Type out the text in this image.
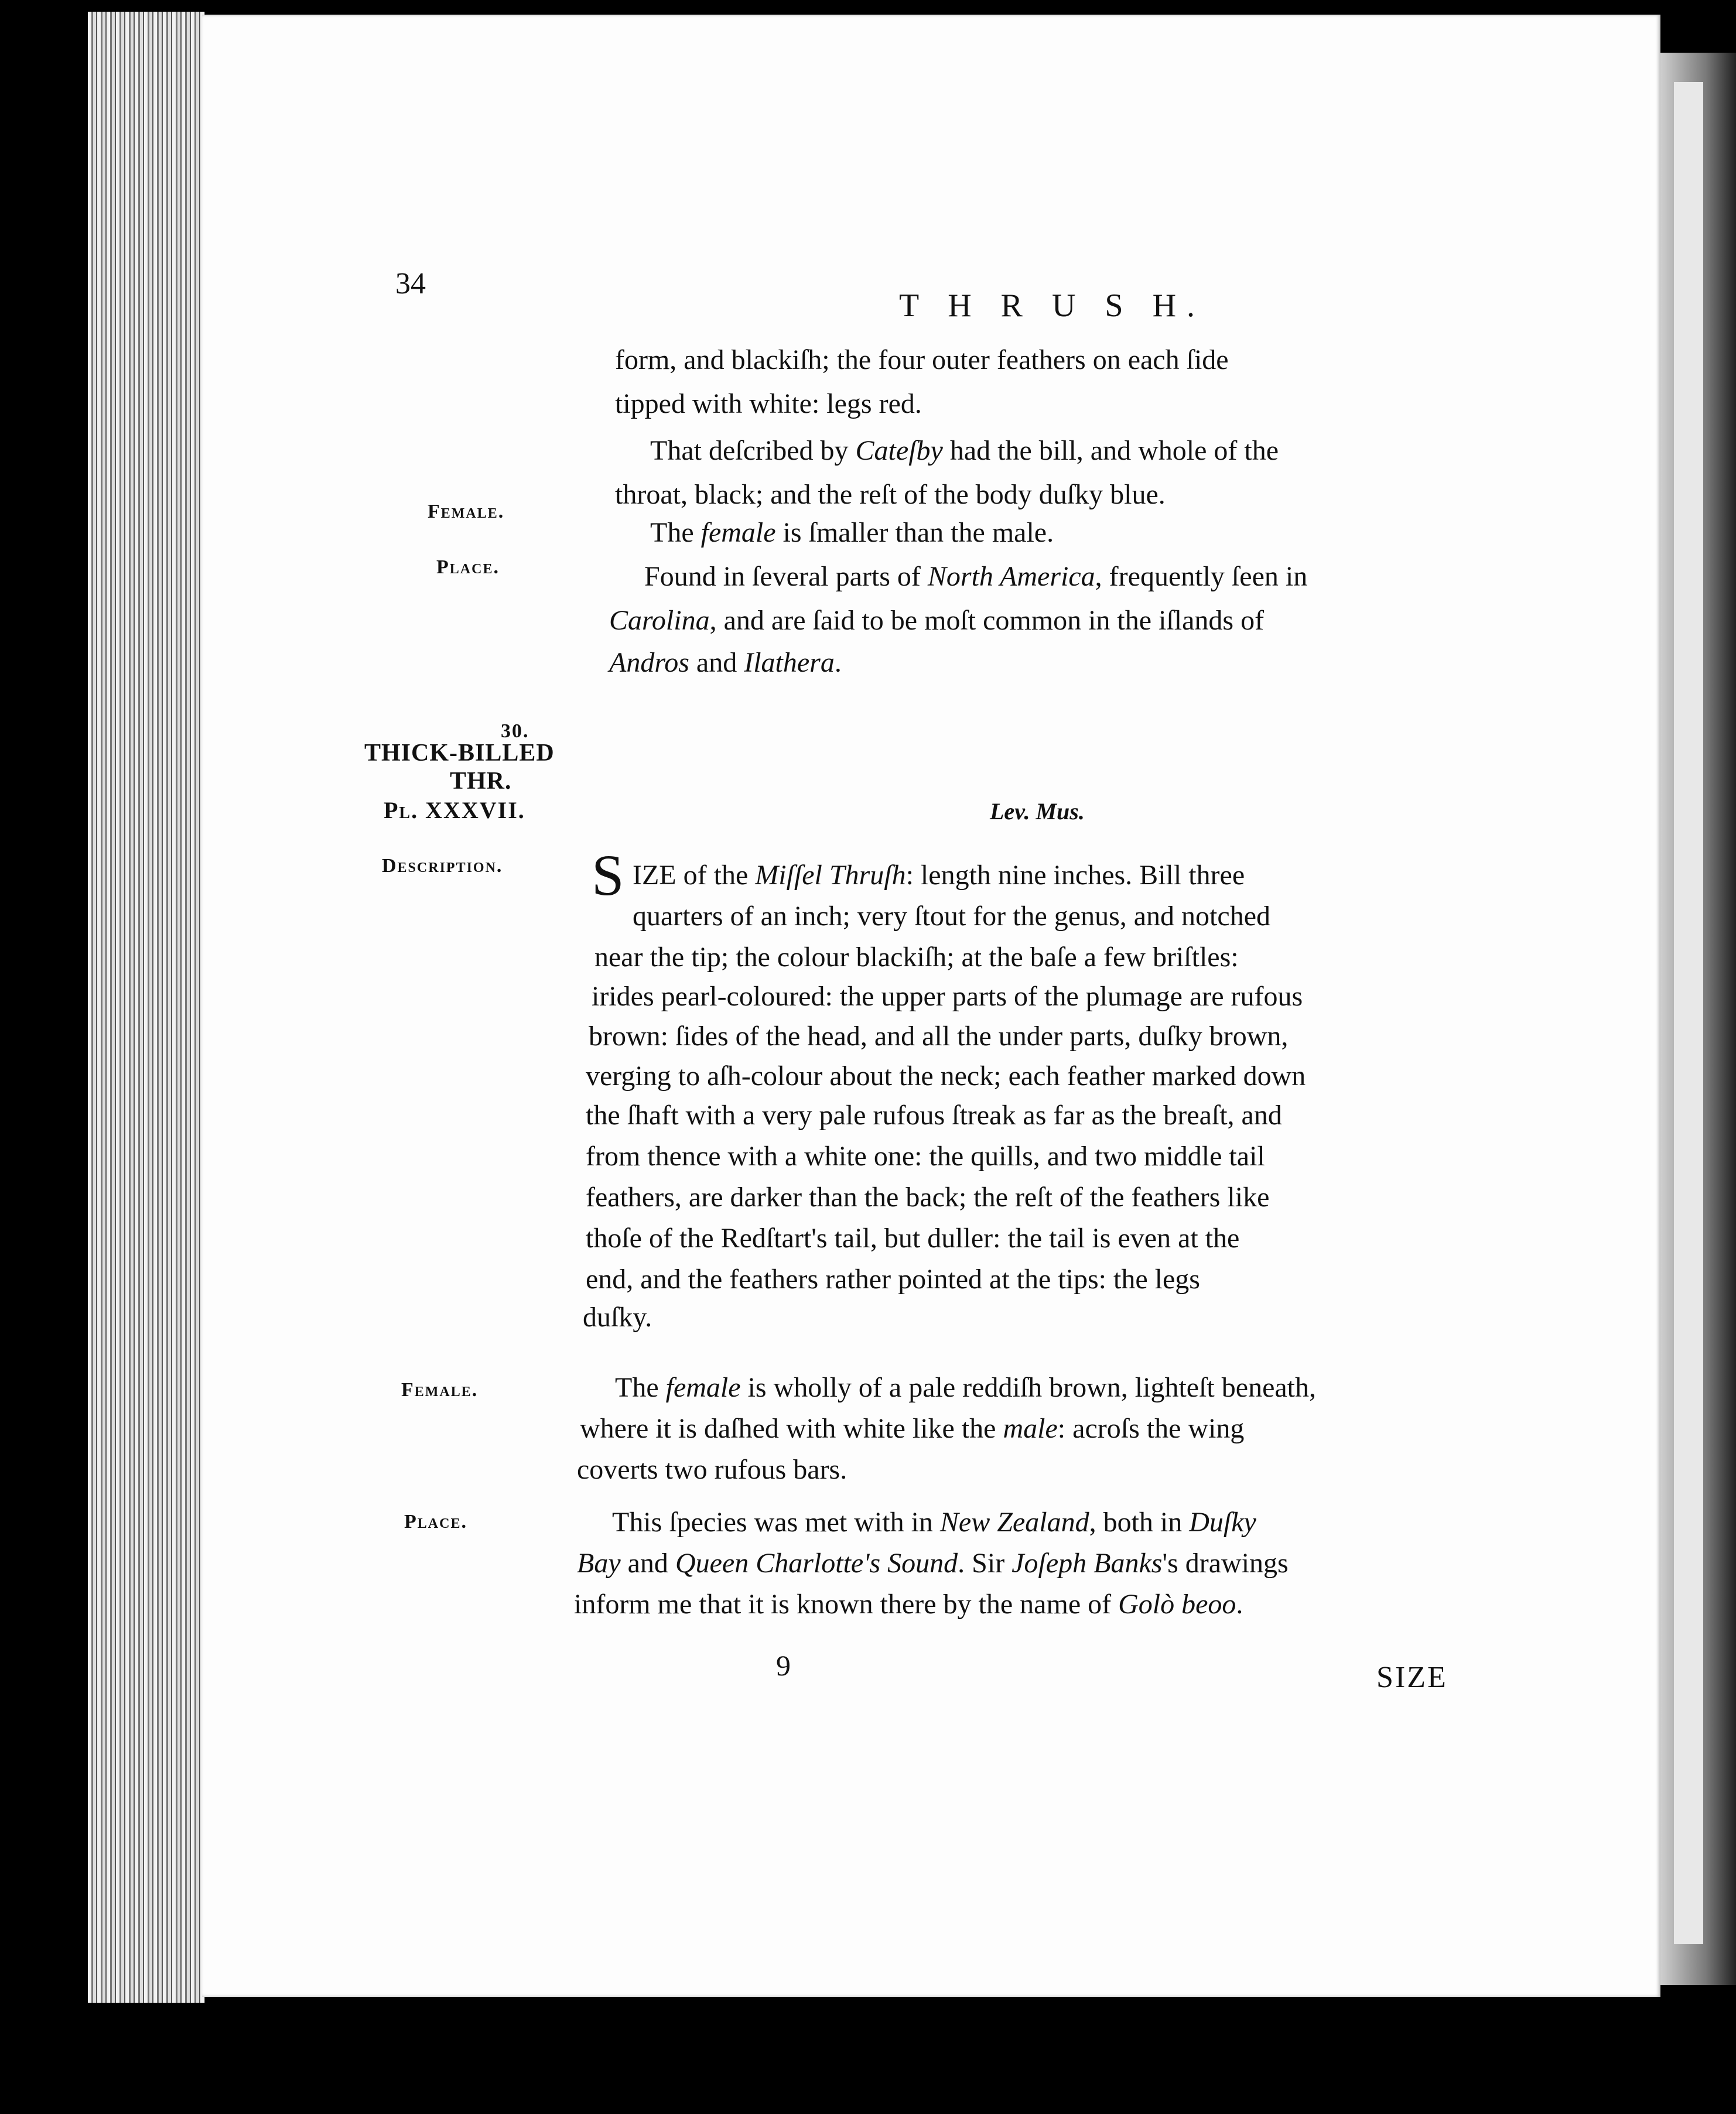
34
T H R U S H.
Female.
Place.
30.
THICK-BILLED
THR.
Pl. XXXVII.
Description.
Female.
Place.
Lev. Mus.
form, and blackiſh; the four outer feathers on each ſide
tipped with white: legs red.
That deſcribed by Cateſby had the bill, and whole of the
throat, black; and the reſt of the body duſky blue.
The female is ſmaller than the male.
Found in ſeveral parts of North America, frequently ſeen in
Carolina, and are ſaid to be moſt common in the iſlands of
Andros and Ilathera.
S IZE of the Miſſel Thruſh: length nine inches. Bill three
quarters of an inch; very ſtout for the genus, and notched
near the tip; the colour blackiſh; at the baſe a few briſtles:
irides pearl-coloured: the upper parts of the plumage are rufous
brown: ſides of the head, and all the under parts, duſky brown,
verging to aſh-colour about the neck; each feather marked down
the ſhaft with a very pale rufous ſtreak as far as the breaſt, and
from thence with a white one: the quills, and two middle tail
feathers, are darker than the back; the reſt of the feathers like
thoſe of the Redſtart's tail, but duller: the tail is even at the
end, and the feathers rather pointed at the tips: the legs
duſky.
The female is wholly of a pale reddiſh brown, lighteſt beneath,
where it is daſhed with white like the male: acroſs the wing
coverts two rufous bars.
This ſpecies was met with in New Zealand, both in Duſky
Bay and Queen Charlotte's Sound. Sir Joſeph Banks's drawings
inform me that it is known there by the name of Golò beoo.
9	SIZE
